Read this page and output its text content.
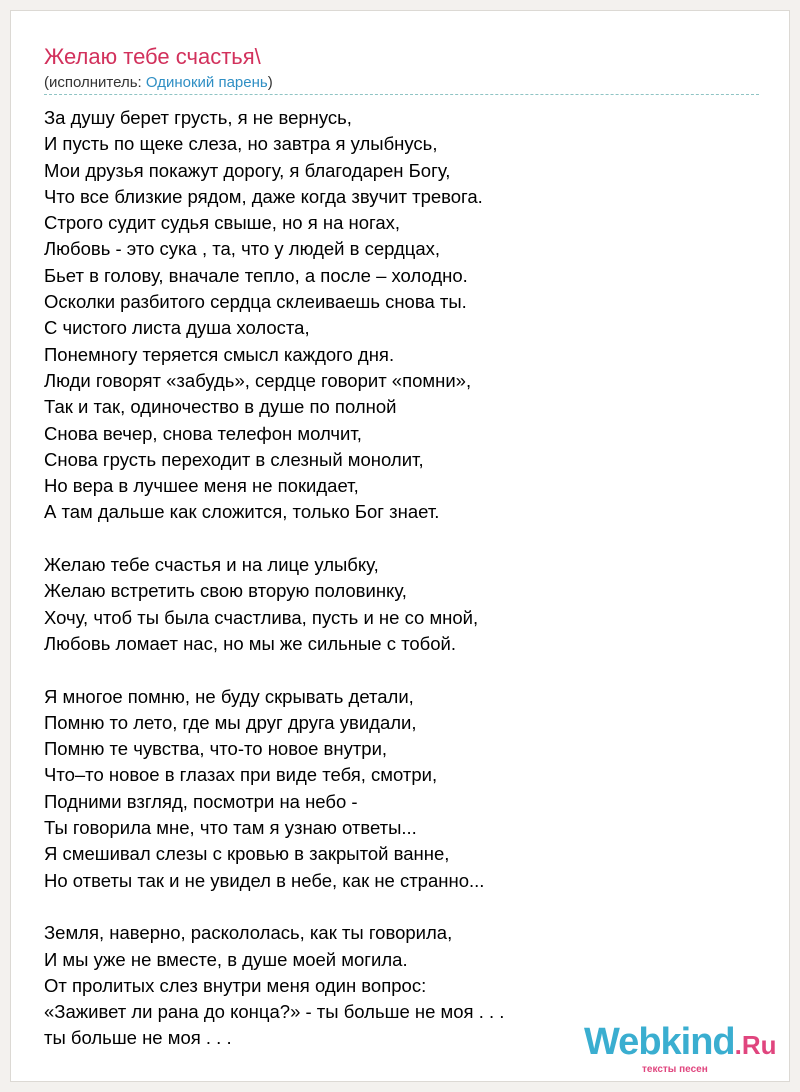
Желаю тебе счастья\
(исполнитель: Одинокий парень)
За душу берет грусть, я не вернусь,
И пусть по щеке слеза, но завтра я улыбнусь,
Мои друзья покажут дорогу, я благодарен Богу,
Что все близкие рядом, даже когда звучит тревога.
Строго судит судья свыше, но я на ногах,
Любовь - это сука , та, что у людей в сердцах,
Бьет в голову, вначале тепло, а после – холодно.
Осколки разбитого сердца склеиваешь снова ты.
С чистого листа душа холоста,
Понемногу теряется смысл каждого дня.
Люди говорят «забудь», сердце говорит «помни»,
Так и так, одиночество в душе по полной
Снова вечер, снова телефон молчит,
Снова грусть переходит в слезный монолит,
Но вера в лучшее меня не покидает,
А там дальше как сложится, только Бог знает.
Желаю тебе счастья и на лице улыбку,
Желаю встретить свою вторую половинку,
Хочу, чтоб ты была счастлива, пусть и не со мной,
Любовь ломает нас, но мы же сильные с тобой.
Я многое помню, не буду скрывать детали,
Помню то лето, где мы друг друга увидали,
Помню те чувства, что-то новое внутри,
Что–то новое в глазах при виде тебя, смотри,
Подними взгляд, посмотри на небо -
Ты говорила мне, что там я узнаю ответы...
Я смешивал слезы с кровью в закрытой ванне,
Но ответы так и не увидел в небе, как не странно...
Земля, наверно, раскололась, как ты говорила,
И мы уже не вместе, в душе моей могила.
От пролитых слез внутри меня один вопрос:
«Заживет ли рана до конца?» - ты больше не моя . . .
ты больше не моя . . .	Webkind.Ru
тексты песен
